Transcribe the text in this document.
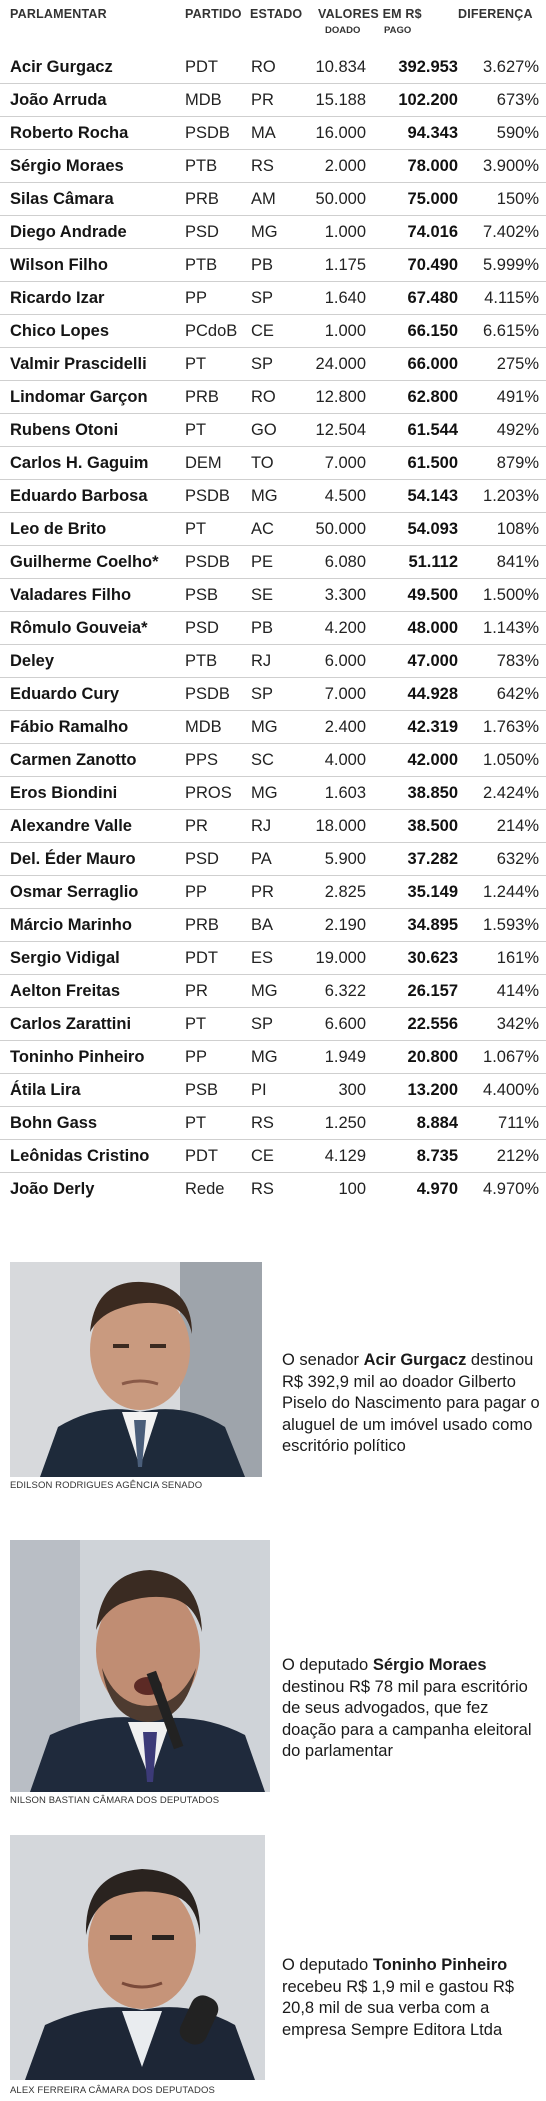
PARLAMENTAR	PARTIDO ESTADO VALORES EM R$
DOADO PAGO
DIFERENÇA
Acir Gurgacz	PDT RO 10.834 392.953 3.627%
João Arruda	MDB PR	15.188 102.200 673%
Roberto Rocha	PSDB MA 16.000	94.343 590%
Sérgio Moraes	PTB RS	2.000	78.000 3.900%
Silas Câmara	PRB AM 50.000	75.000 150%
Diego Andrade	PSD MG	1.000	74.016 7.402%
Wilson Filho	PTB PB	1.175	70.490 5.999%
Ricardo Izar	PP	SP	1.640	67.480 4.115%
Chico Lopes	PCdoB CE	1.000	66.150 6.615%
Valmir Prascidelli PT	SP	24.000	66.000 275%
Lindomar Garçon PRB RO 12.800	62.800 491%
Rubens Otoni	PT	GO 12.504	61.544 492%
Carlos H. Gaguim DEM TO	7.000	61.500 879%
Eduardo Barbosa PSDB MG	4.500	54.143 1.203%
Leo de Brito	PT	AC	50.000	54.093 108%
Guilherme Coelho* PSDB PE	6.080	51.112 841%
Valadares Filho	PSB SE	3.300	49.500 1.500%
Rômulo Gouveia* PSD PB	4.200	48.000 1.143%
Deley	PTB RJ	6.000	47.000 783%
Eduardo Cury	PSDB SP	7.000	44.928 642%
Fábio Ramalho	MDB MG	2.400	42.319 1.763%
Carmen Zanotto	PPS SC	4.000	42.000 1.050%
Eros Biondini	PROS MG	1.603	38.850 2.424%
Alexandre Valle	PR	RJ	18.000	38.500 214%
Del. Éder Mauro	PSD PA	5.900	37.282 632%
Osmar Serraglio	PP	PR	2.825	35.149 1.244%
Márcio Marinho	PRB BA	2.190	34.895 1.593%
Sergio Vidigal	PDT ES	19.000	30.623 161%
Aelton Freitas	PR	MG	6.322	26.157 414%
Carlos Zarattini	PT	SP	6.600	22.556 342%
Toninho Pinheiro PP	MG	1.949	20.800 1.067%
Átila Lira	PSB PI	300	13.200 4.400%
Bohn Gass	PT	RS	1.250	8.884 711%
Leônidas Cristino PDT CE	4.129	8.735 212%
João Derly	Rede RS	100	4.970 4.970%
EDILSON RODRIGUES AGÊNCIA SENADO
O senador Acir Gurgacz destinou R$ 392,9 mil ao doador Gilberto Piselo do Nascimento para pagar o aluguel de um imóvel usado como escritório político
NILSON BASTIAN CÂMARA DOS DEPUTADOS
O deputado Sérgio Moraes destinou R$ 78 mil para escritório de seus advogados, que fez doação para a campanha eleitoral do parlamentar
ALEX FERREIRA CÂMARA DOS DEPUTADOS
O deputado Toninho Pinheiro recebeu R$ 1,9 mil e gastou R$ 20,8 mil de sua verba com a empresa Sempre Editora Ltda
